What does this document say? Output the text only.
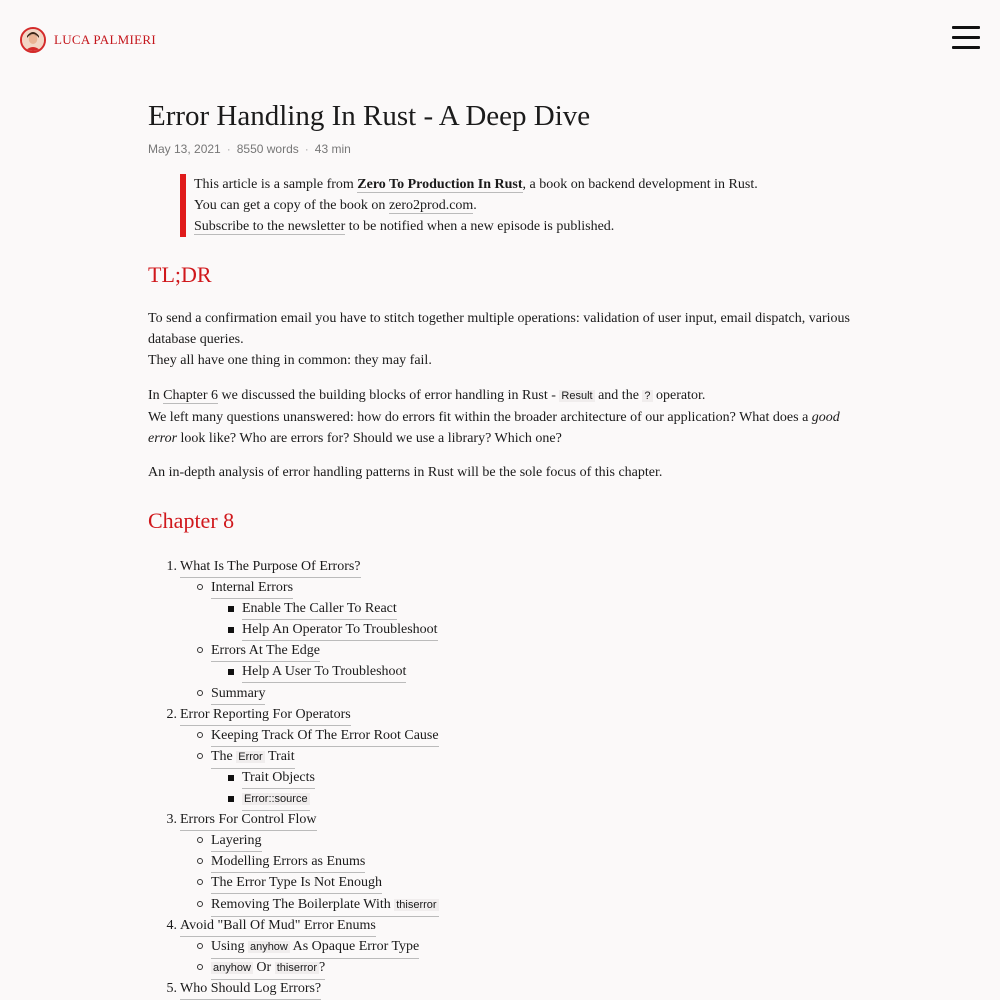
LUCA PALMIERI
Error Handling In Rust - A Deep Dive
May 13, 2021 · 8550 words · 43 min

This article is a sample from Zero To Production In Rust, a book on backend development in Rust.

You can get a copy of the book on zero2prod.com.

Subscribe to the newsletter to be notified when a new episode is published.

TL;DR

To send a confirmation email you have to stitch together multiple operations: validation of user input, email dispatch, various database queries.
They all have one thing in common: they may fail.

In Chapter 6 we discussed the building blocks of error handling in Rust - Result and the ? operator.
We left many questions unanswered: how do errors fit within the broader architecture of our application? What does a good error look like? Who are errors for? Should we use a library? Which one?

An in-depth analysis of error handling patterns in Rust will be the sole focus of this chapter.

Chapter 8
1. What Is The Purpose Of Errors?
Internal Errors
Enable The Caller To React
Help An Operator To Troubleshoot
Errors At The Edge
Help A User To Troubleshoot
Summary
2. Error Reporting For Operators
Keeping Track Of The Error Root Cause
The Error Trait
Trait Objects
Error::source
3. Errors For Control Flow
Layering
Modelling Errors as Enums
The Error Type Is Not Enough
Removing The Boilerplate With thiserror
4. Avoid "Ball Of Mud" Error Enums
Using anyhow As Opaque Error Type
anyhow Or thiserror ?
5. Who Should Log Errors?
